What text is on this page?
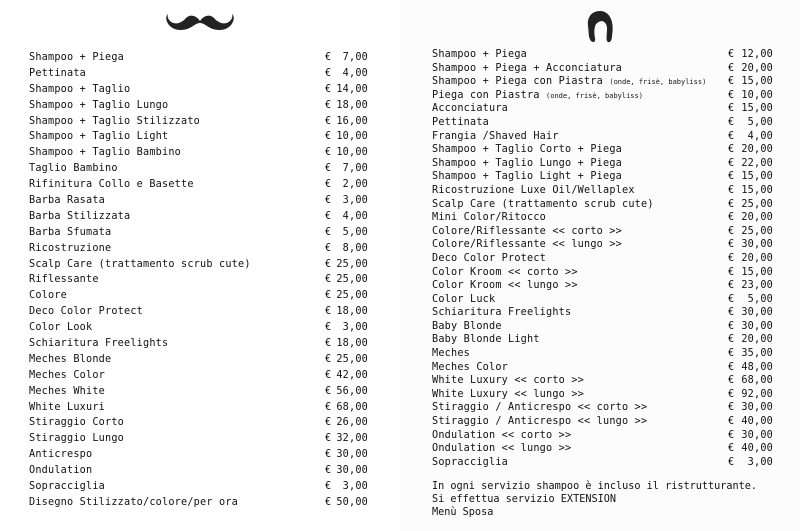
Shampoo + Piega	€ 7,00
Pettinata	€ 4,00
Shampoo + Taglio	€ 14,00
Shampoo + Taglio Lungo	€ 18,00
Shampoo + Taglio Stilizzato	€ 16,00
Shampoo + Taglio Light	€ 10,00
Shampoo + Taglio Bambino	€ 10,00
Taglio Bambino	€ 7,00
Rifinitura Collo e Basette	€ 2,00
Barba Rasata	€ 3,00
Barba Stilizzata	€ 4,00
Barba Sfumata	€ 5,00
Ricostruzione	€ 8,00
Scalp Care (trattamento scrub cute)	€ 25,00
Riflessante	€ 25,00
Colore	€ 25,00
Deco Color Protect	€ 18,00
Color Look	€ 3,00
Schiaritura Freelights	€ 18,00
Meches Blonde	€ 25,00
Meches Color	€ 42,00
Meches White	€ 56,00
White Luxuri	€ 68,00
Stiraggio Corto	€ 26,00
Stiraggio Lungo	€ 32,00
Anticrespo	€ 30,00
Ondulation	€ 30,00
Sopracciglia	€ 3,00
Disegno Stilizzato/colore/per ora	€ 50,00
Shampoo + Piega	€ 12,00
Shampoo + Piega + Acconciatura	€ 20,00
Shampoo + Piega con Piastra (onde, frisè, babyliss) € 15,00
Piega con Piastra (onde, frisè, babyliss)	€ 10,00
Acconciatura	€ 15,00
Pettinata	€ 5,00
Frangia /Shaved Hair	€ 4,00
Shampoo + Taglio Corto + Piega	€ 20,00
Shampoo + Taglio Lungo + Piega	€ 22,00
Shampoo + Taglio Light + Piega	€ 15,00
Ricostruzione Luxe Oil/Wellaplex	€ 15,00
Scalp Care (trattamento scrub cute)	€ 25,00
Mini Color/Ritocco	€ 20,00
Colore/Riflessante << corto >>	€ 25,00
Colore/Riflessante << lungo >>	€ 30,00
Deco Color Protect	€ 20,00
Color Kroom << corto >>	€ 15,00
Color Kroom << lungo >>	€ 23,00
Color Luck	€ 5,00
Schiaritura Freelights	€ 30,00
Baby Blonde	€ 30,00
Baby Blonde Light	€ 20,00
Meches	€ 35,00
Meches Color	€ 48,00
White Luxury << corto >>	€ 68,00
White Luxury << lungo >>	€ 92,00
Stiraggio / Anticrespo << corto >>	€ 30,00
Stiraggio / Anticrespo << lungo >>	€ 40,00
Ondulation << corto >>	€ 30,00
Ondulation << lungo >>	€ 40,00
Sopracciglia	€ 3,00
In ogni servizio shampoo è incluso il ristrutturante.
Si effettua servizio EXTENSION
Menù Sposa
